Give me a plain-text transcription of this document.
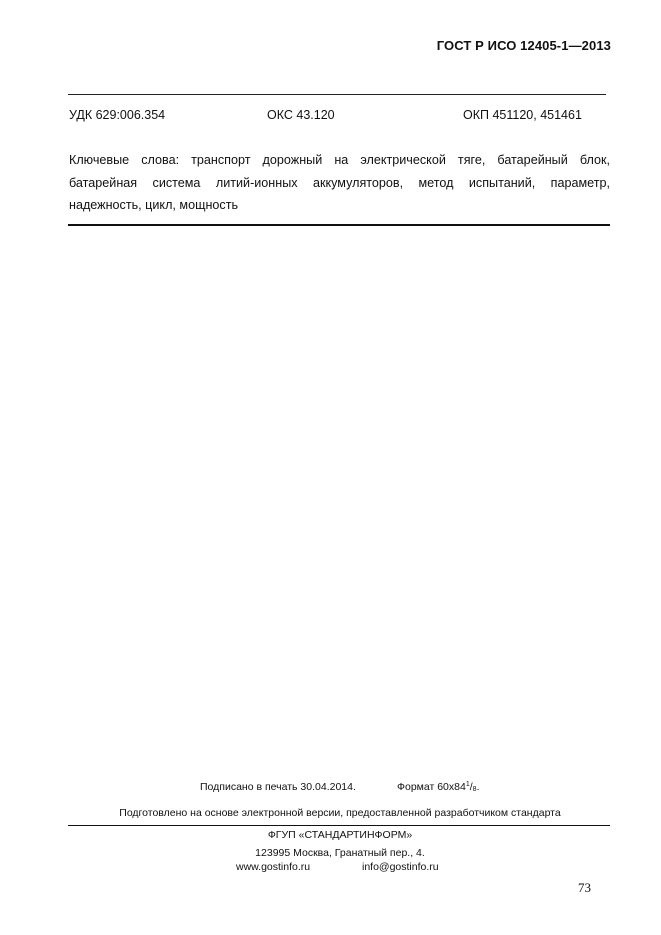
ГОСТ Р ИСО 12405-1—2013
УДК 629:006.354	ОКС 43.120	ОКП 451120, 451461
Ключевые слова: транспорт дорожный на электрической тяге, батарейный блок, батарейная система литий-ионных аккумуляторов, метод испытаний, параметр, надежность, цикл, мощность
Подписано в печать 30.04.2014.	Формат $60x84^1/_8$.
Подготовлено на основе электронной версии, предоставленной разработчиком стандарта
ФГУП «СТАНДАРТИНФОРМ»
123995 Москва, Гранатный пер., 4.
www.gostinfo.ru	info@gostinfo.ru
73
